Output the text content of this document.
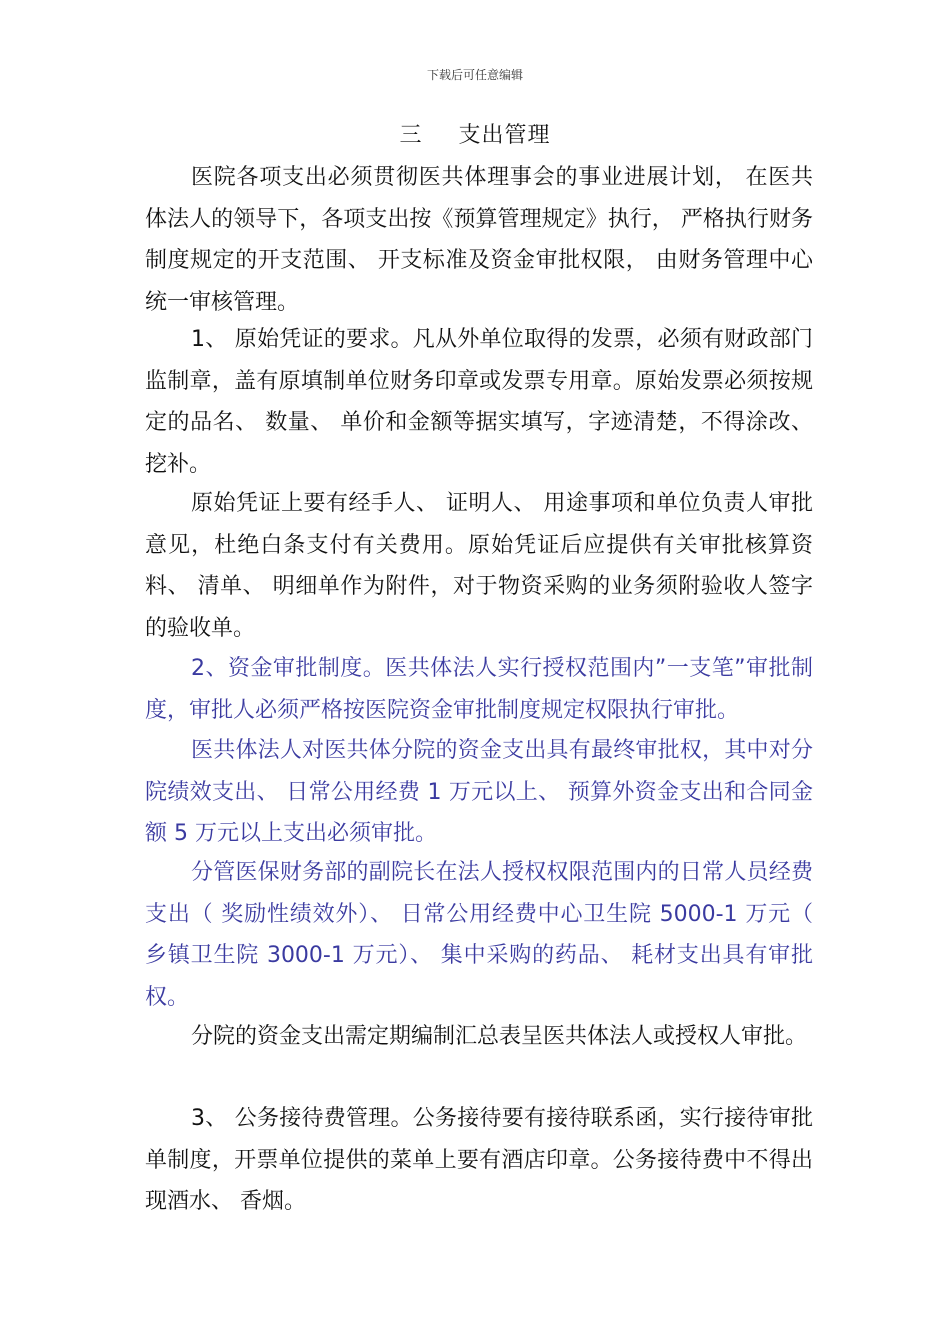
下载后可任意编辑
三 支出管理

医院各项支出必须贯彻医共体理事会的事业进展计划， 在医共体法人的领导下，各项支出按《预算管理规定》执行， 严格执行财务制度规定的开支范围、 开支标准及资金审批权限， 由财务管理中心统一审核管理。

1、 原始凭证的要求。凡从外单位取得的发票，必须有财政部门监制章，盖有原填制单位财务印章或发票专用章。原始发票必须按规定的品名、 数量、 单价和金额等据实填写，字迹清楚，不得涂改、 挖补。

原始凭证上要有经手人、 证明人、 用途事项和单位负责人审批意见，杜绝白条支付有关费用。原始凭证后应提供有关审批核算资料、 清单、 明细单作为附件，对于物资采购的业务须附验收人签字的验收单。

2、资金审批制度。医共体法人实行授权范围内”一支笔”审批制度，审批人必须严格按医院资金审批制度规定权限执行审批。

医共体法人对医共体分院的资金支出具有最终审批权，其中对分院绩效支出、 日常公用经费 1 万元以上、 预算外资金支出和合同金额 5 万元以上支出必须审批。

分管医保财务部的副院长在法人授权权限范围内的日常人员经费支出（ 奖励性绩效外）、 日常公用经费中心卫生院 5000-1 万元（ 乡镇卫生院 3000-1 万元）、 集中采购的药品、 耗材支出具有审批权。

分院的资金支出需定期编制汇总表呈医共体法人或授权人审批。

3、 公务接待费管理。公务接待要有接待联系函，实行接待审批单制度，开票单位提供的菜单上要有酒店印章。公务接待费中不得出现酒水、 香烟。
